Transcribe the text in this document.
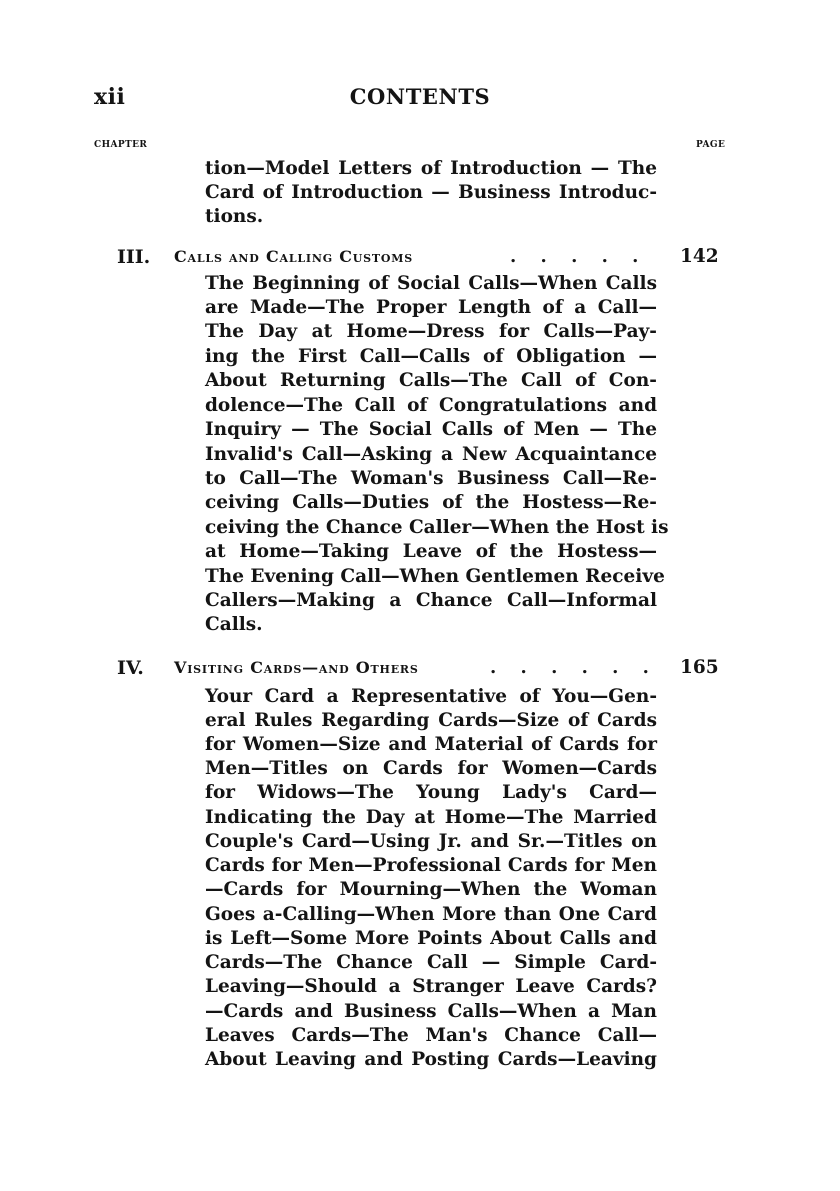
xii	CONTENTS
CHAPTER	PAGE
tion—Model Letters of Introduction — The
Card of Introduction — Business Introduc-
tions.
III. Calls and Calling Customs	. . . . . 142
The Beginning of Social Calls—When Calls
are Made—The Proper Length of a Call—
The Day at Home—Dress for Calls—Pay-
ing the First Call—Calls of Obligation —
About Returning Calls—The Call of Con-
dolence—The Call of Congratulations and
Inquiry — The Social Calls of Men — The
Invalid's Call—Asking a New Acquaintance
to Call—The Woman's Business Call—Re-
ceiving Calls—Duties of the Hostess—Re-
ceiving the Chance Caller—When the Host is
at Home—Taking Leave of the Hostess—
The Evening Call—When Gentlemen Receive
Callers—Making a Chance Call—Informal
Calls.
IV. Visiting Cards—and Others	. . . . . . 165
Your Card a Representative of You—Gen-
eral Rules Regarding Cards—Size of Cards
for Women—Size and Material of Cards for
Men—Titles on Cards for Women—Cards
for Widows—The Young Lady's Card—
Indicating the Day at Home—The Married
Couple's Card—Using Jr. and Sr.—Titles on
Cards for Men—Professional Cards for Men
—Cards for Mourning—When the Woman
Goes a-Calling—When More than One Card
is Left—Some More Points About Calls and
Cards—The Chance Call — Simple Card-
Leaving—Should a Stranger Leave Cards?
—Cards and Business Calls—When a Man
Leaves Cards—The Man's Chance Call—
About Leaving and Posting Cards—Leaving
